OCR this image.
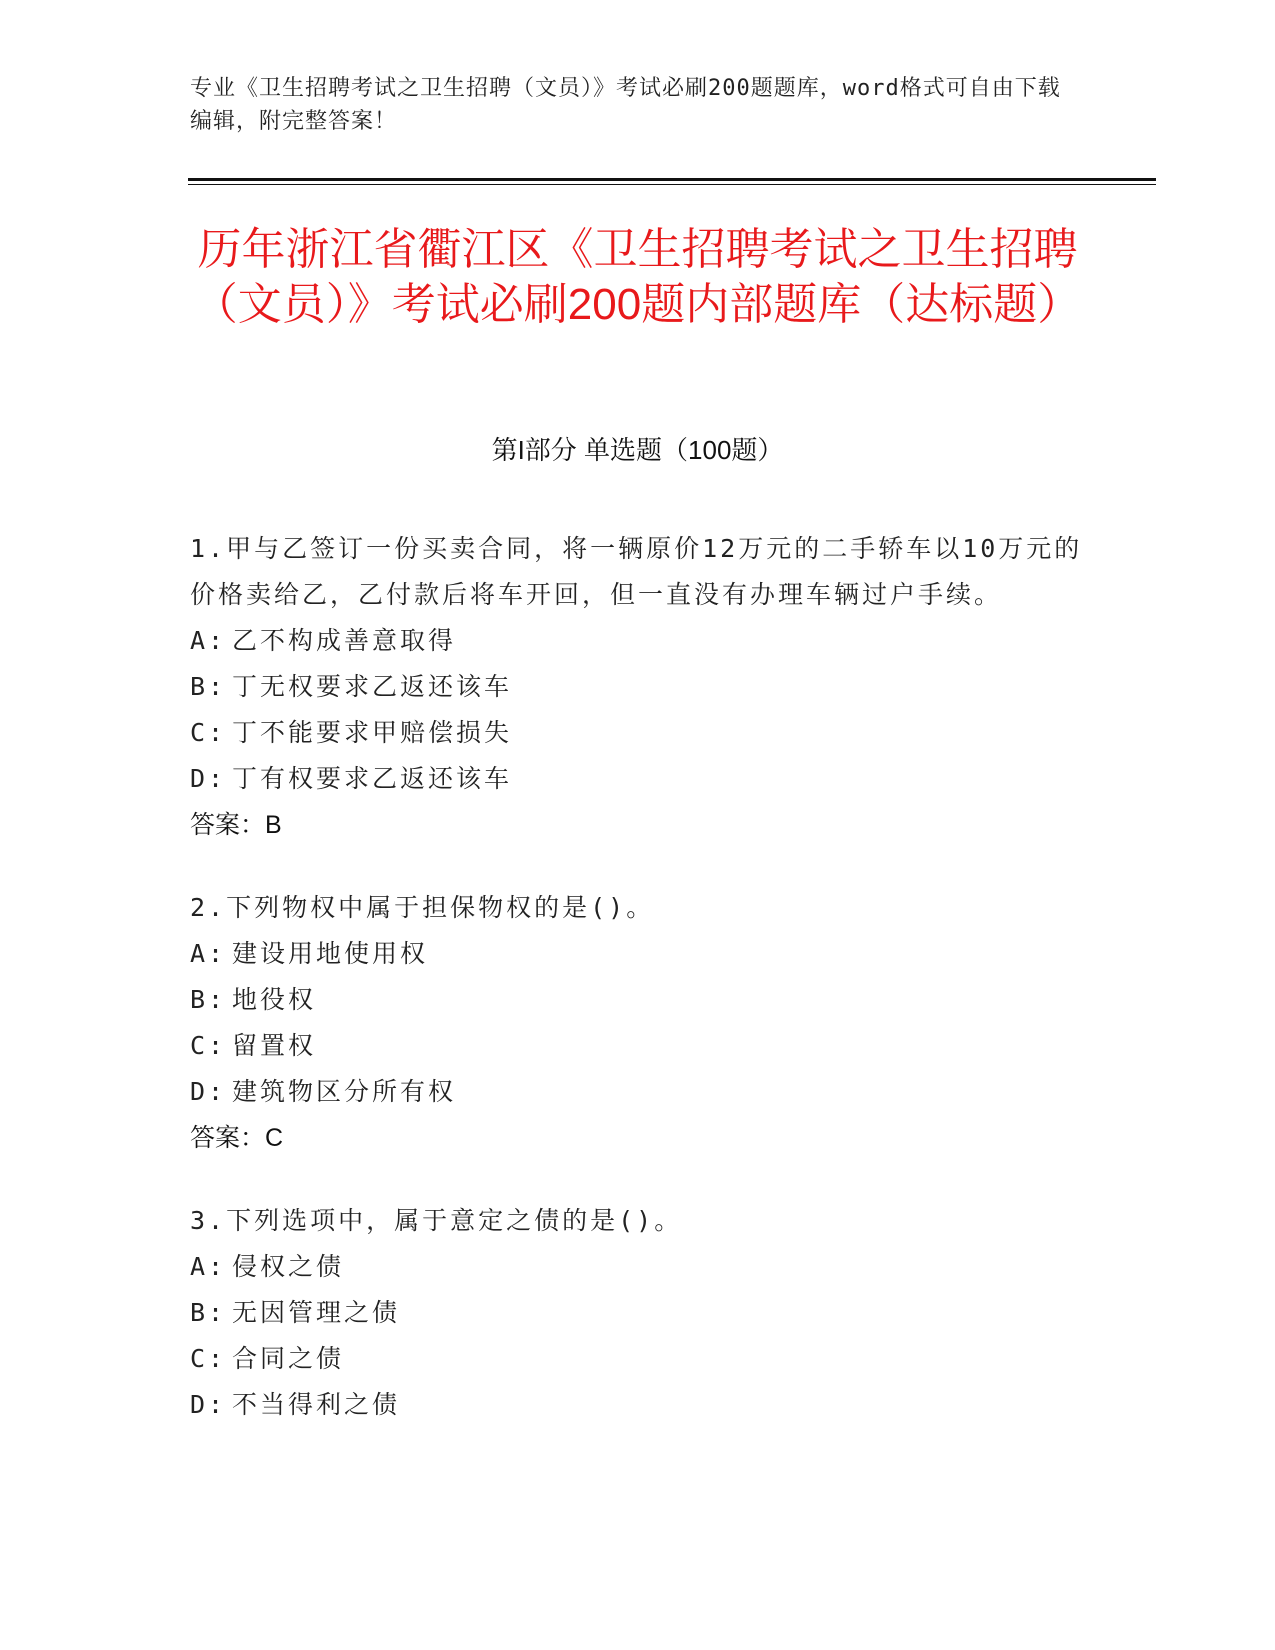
专业《卫生招聘考试之卫生招聘（文员）》考试必刷200题题库，word格式可自由下载编辑，附完整答案！
历年浙江省衢江区《卫生招聘考试之卫生招聘（文员）》考试必刷200题内部题库（达标题）
第I部分 单选题（100题）

1.甲与乙签订一份买卖合同，将一辆原价12万元的二手轿车以10万元的价格卖给乙，乙付款后将车开回，但一直没有办理车辆过户手续。

A: 乙不构成善意取得

B: 丁无权要求乙返还该车

C: 丁不能要求甲赔偿损失

D: 丁有权要求乙返还该车

答案：B

2.下列物权中属于担保物权的是()。

A: 建设用地使用权

B: 地役权

C: 留置权

D: 建筑物区分所有权

答案：C

3.下列选项中，属于意定之债的是()。

A: 侵权之债

B: 无因管理之债

C: 合同之债

D: 不当得利之债
